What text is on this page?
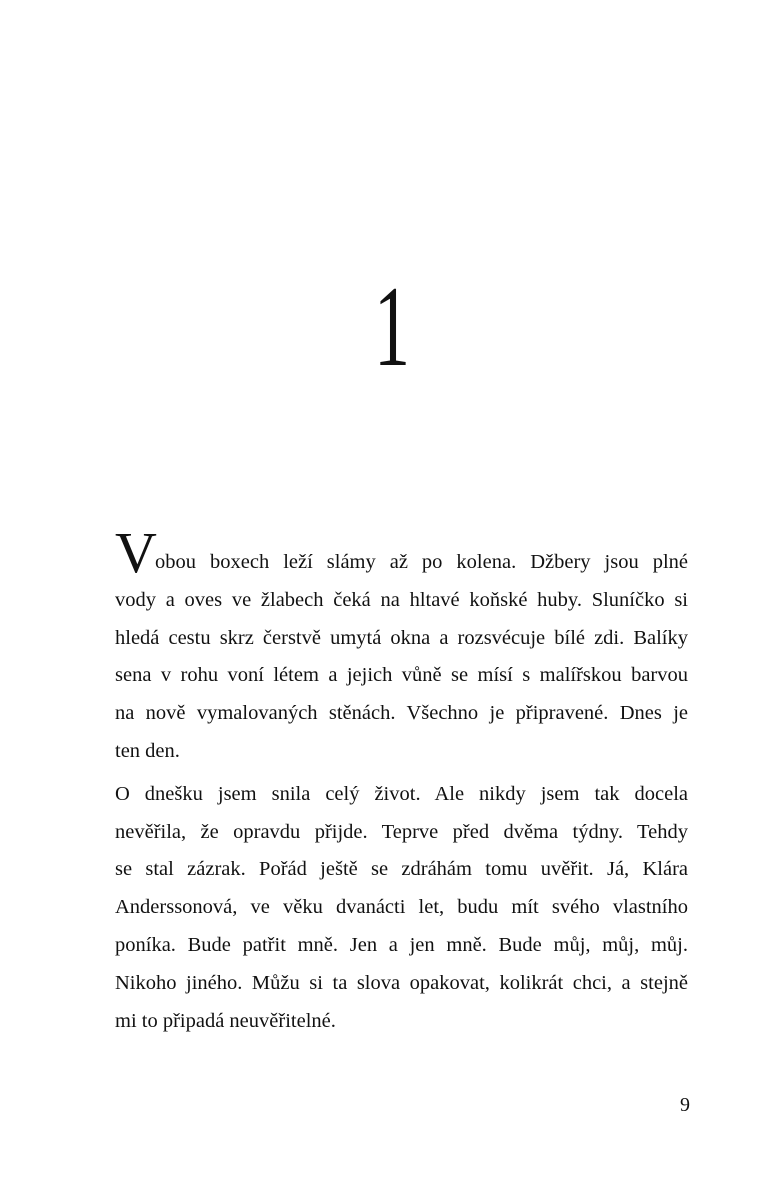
1
V
obou boxech leží slámy až po kolena. Džbery jsou plné
vody a oves ve žlabech čeká na hltavé koňské huby. Sluníčko si
hledá cestu skrz čerstvě umytá okna a rozsvécuje bílé zdi. Balíky
sena v rohu voní létem a jejich vůně se mísí s malířskou barvou
na nově vymalovaných stěnách. Všechno je připravené. Dnes je
ten den.
O dnešku jsem snila celý život. Ale nikdy jsem tak docela
nevěřila, že opravdu přijde. Teprve před dvěma týdny. Tehdy
se stal zázrak. Pořád ještě se zdráhám tomu uvěřit. Já, Klára
Anderssonová, ve věku dvanácti let, budu mít svého vlastního
poníka. Bude patřit mně. Jen a jen mně. Bude můj, můj, můj.
Nikoho jiného. Můžu si ta slova opakovat, kolikrát chci, a stejně
mi to připadá neuvěřitelné.
9
